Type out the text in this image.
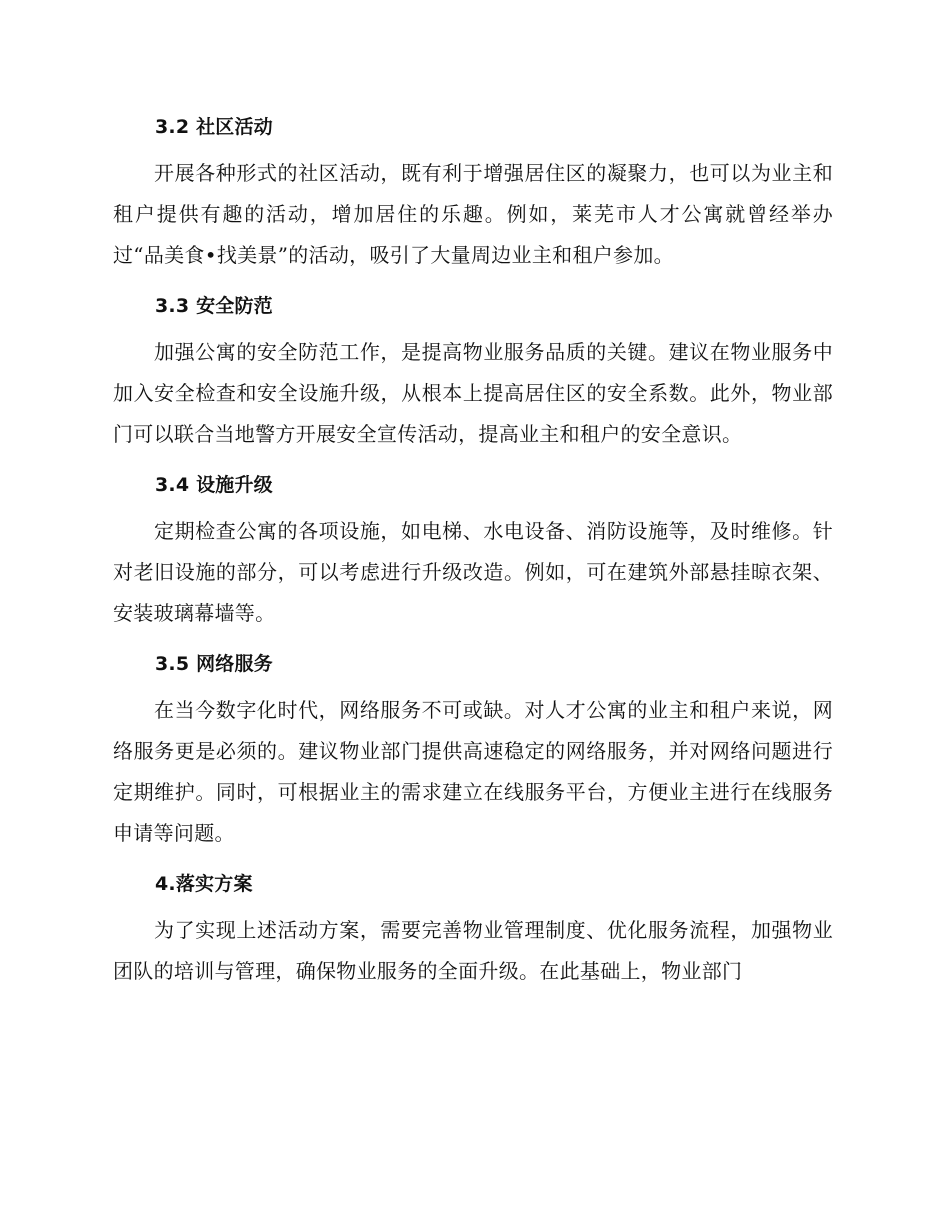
3.2 社区活动

开展各种形式的社区活动，既有利于增强居住区的凝聚力，也可以为业主和租户提供有趣的活动，增加居住的乐趣。例如，莱芜市人才公寓就曾经举办过“品美食•找美景”的活动，吸引了大量周边业主和租户参加。

3.3 安全防范

加强公寓的安全防范工作，是提高物业服务品质的关键。建议在物业服务中加入安全检查和安全设施升级，从根本上提高居住区的安全系数。此外，物业部门可以联合当地警方开展安全宣传活动，提高业主和租户的安全意识。

3.4 设施升级

定期检查公寓的各项设施，如电梯、水电设备、消防设施等，及时维修。针对老旧设施的部分，可以考虑进行升级改造。例如，可在建筑外部悬挂晾衣架、安装玻璃幕墙等。

3.5 网络服务

在当今数字化时代，网络服务不可或缺。对人才公寓的业主和租户来说，网络服务更是必须的。建议物业部门提供高速稳定的网络服务，并对网络问题进行定期维护。同时，可根据业主的需求建立在线服务平台，方便业主进行在线服务申请等问题。

4.落实方案

为了实现上述活动方案，需要完善物业管理制度、优化服务流程，加强物业团队的培训与管理，确保物业服务的全面升级。在此基础上，物业部门
